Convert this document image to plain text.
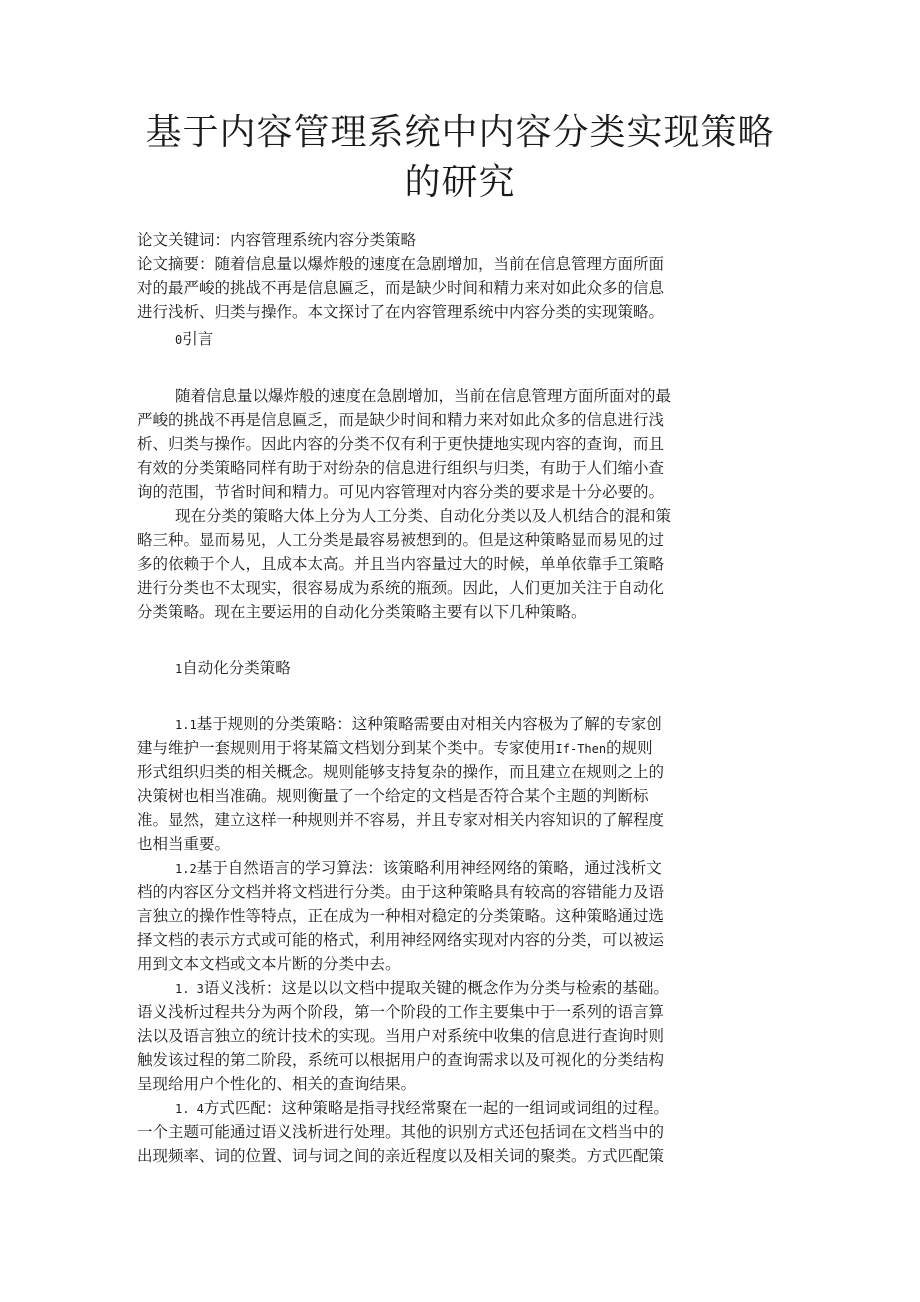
基于内容管理系统中内容分类实现策略
的研究
论文关键词：内容管理系统内容分类策略
论文摘要：随着信息量以爆炸般的速度在急剧增加，当前在信息管理方面所面
对的最严峻的挑战不再是信息匾乏，而是缺少时间和精力来对如此众多的信息
进行浅析、归类与操作。本文探讨了在内容管理系统中内容分类的实现策略。
0引言
随着信息量以爆炸般的速度在急剧增加，当前在信息管理方面所面对的最
严峻的挑战不再是信息匾乏，而是缺少时间和精力来对如此众多的信息进行浅
析、归类与操作。因此内容的分类不仅有利于更快捷地实现内容的查询，而且
有效的分类策略同样有助于对纷杂的信息进行组织与归类，有助于人们缩小查
询的范围，节省时间和精力。可见内容管理对内容分类的要求是十分必要的。
现在分类的策略大体上分为人工分类、自动化分类以及人机结合的混和策
略三种。显而易见，人工分类是最容易被想到的。但是这种策略显而易见的过
多的依赖于个人，且成本太高。并且当内容量过大的时候，单单依靠手工策略
进行分类也不太现实，很容易成为系统的瓶颈。因此，人们更加关注于自动化
分类策略。现在主要运用的自动化分类策略主要有以下几种策略。
1自动化分类策略
1.1基于规则的分类策略：这种策略需要由对相关内容极为了解的专家创
建与维护一套规则用于将某篇文档划分到某个类中。专家使用If-Then的规则
形式组织归类的相关概念。规则能够支持复杂的操作，而且建立在规则之上的
决策树也相当准确。规则衡量了一个给定的文档是否符合某个主题的判断标
准。显然，建立这样一种规则并不容易，并且专家对相关内容知识的了解程度
也相当重要。
1.2基于自然语言的学习算法：该策略利用神经网络的策略，通过浅析文
档的内容区分文档并将文档进行分类。由于这种策略具有较高的容错能力及语
言独立的操作性等特点，正在成为一种相对稳定的分类策略。这种策略通过选
择文档的表示方式或可能的格式，利用神经网络实现对内容的分类，可以被运
用到文本文档或文本片断的分类中去。
1. 3语义浅析：这是以以文档中提取关键的概念作为分类与检索的基础。
语义浅析过程共分为两个阶段，第一个阶段的工作主要集中于一系列的语言算
法以及语言独立的统计技术的实现。当用户对系统中收集的信息进行查询时则
触发该过程的第二阶段，系统可以根据用户的查询需求以及可视化的分类结构
呈现给用户个性化的、相关的查询结果。
1. 4方式匹配：这种策略是指寻找经常聚在一起的一组词或词组的过程。
一个主题可能通过语义浅析进行处理。其他的识别方式还包括词在文档当中的
出现频率、词的位置、词与词之间的亲近程度以及相关词的聚类。方式匹配策
